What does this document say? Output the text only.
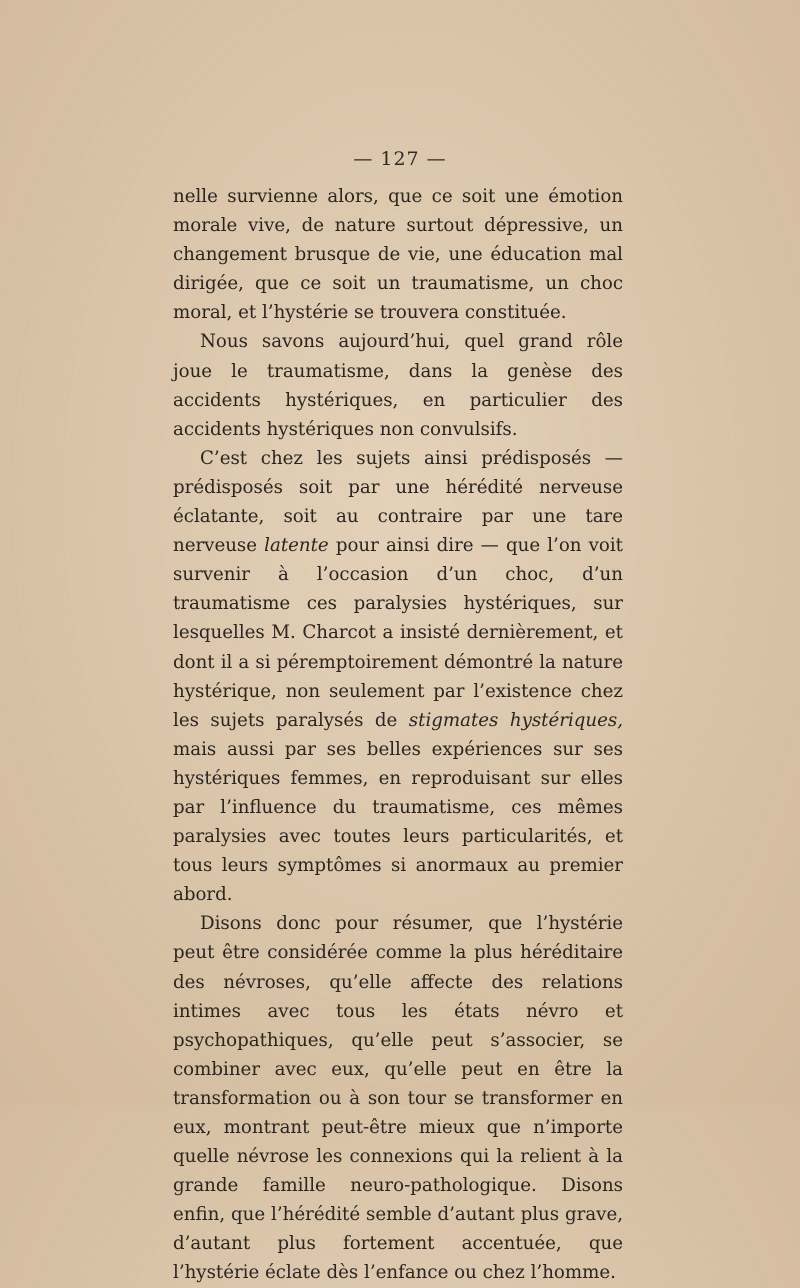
— 127 —

nelle survienne alors, que ce soit une émotion morale vive, de nature surtout dépressive, un changement brusque de vie, une éducation mal dirigée, que ce soit un traumatisme, un choc moral, et l’hystérie se trouvera constituée.

Nous savons aujourd’hui, quel grand rôle joue le traumatisme, dans la genèse des accidents hystériques, en particulier des accidents hystériques non convulsifs.

C’est chez les sujets ainsi prédisposés — prédisposés soit par une hérédité nerveuse éclatante, soit au contraire par une tare nerveuse latente pour ainsi dire — que l’on voit survenir à l’occasion d’un choc, d’un traumatisme ces paralysies hystériques, sur lesquelles M. Charcot a insisté dernièrement, et dont il a si péremptoirement démontré la nature hystérique, non seulement par l’existence chez les sujets paralysés de stigmates hystériques, mais aussi par ses belles expériences sur ses hystériques femmes, en reproduisant sur elles par l’influence du traumatisme, ces mêmes paralysies avec toutes leurs particularités, et tous leurs symptômes si anormaux au premier abord.

Disons donc pour résumer, que l’hystérie peut être considérée comme la plus héréditaire des névroses, qu’elle affecte des relations intimes avec tous les états névro et psychopathiques, qu’elle peut s’associer, se combiner avec eux, qu’elle peut en être la transformation ou à son tour se transformer en eux, montrant peut-être mieux que n’importe quelle névrose les connexions qui la relient à la grande famille neuro-pathologique. Disons enfin, que l’hérédité semble d’autant plus grave, d’autant plus fortement accentuée, que l’hystérie éclate dès l’enfance ou chez l’homme.
